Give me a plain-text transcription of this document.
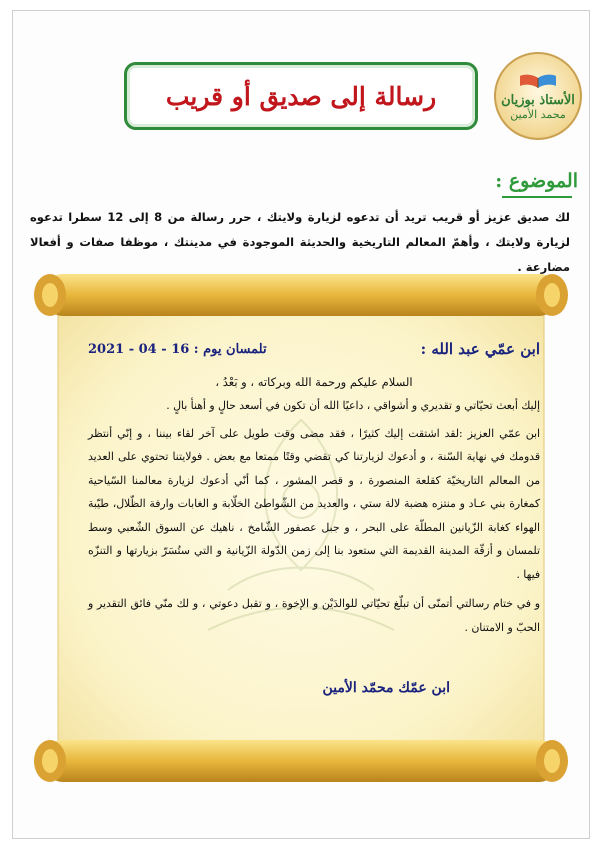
الأستاذ بوزيان
محمد الأمين
رسالة إلى صديق أو قريب
الموضوع :
لك صديق عزيز أو قريب تريد أن تدعوه لزيارة ولايتك ، حرر رسالة من 8 إلى 12 سطرا تدعوه لزيارة ولايتك ، وأهمّ المعالم التاريخية والحديثة الموجودة في مدينتك ، موظفا صفات و أفعالا مضارعة .
ابن عمّي عبد الله :
تلمسان يوم : 16 - 04 - 2021

السلام عليكم ورحمة الله وبركاته ، و بَعْدُ ،

إليك أبعث تحيّاتي و تقديري و أشواقي ، داعيًا الله أن تكون في أسعد حالٍ و أهنأ بالٍ .

ابن عمّي العزيز :لقد اشتقت إليك كثيرًا ، فقد مضى وقت طويل على آخر لقاء بيننا ، و إنّي أنتظر قدومك في نهاية السّنة ، و أدعوك لزيارتنا كي تقضي وقتًا ممتعا مع بعض . فولايتنا تحتوي على العديد من المعالم التاريخيّة كقلعة المنصورة ، و قصر المشور ، كما أنّي أدعوك لزيارة معالمنا السّياحية كمغارة بني عـاد و منتزه هضبة لالة ستي ، والعديد من الشّواطئ الخلّابة و الغابات وارفة الظّلال، طيّبة الهواء كغابة الزّيانين المطلّة على البحر ، و جبل عصفور الشّامخ ، ناهيك عن السوق الشّعبي وسط تلمسان و أزقّة المدينة القديمة التي ستعود بنا إلى زمن الدّولة الزّيانية و التي ستُسَرّ بزيارتها و التنزّه فيها .

و في ختام رسالتي أتمنّى أن تبلّغ تحيّاتي للوالدَيْن و الإخوة ، و تقبل دعوتي ، و لك منّي فائق التقدير و الحبّ و الامتنان .

ابن عمّك محمّد الأمين
